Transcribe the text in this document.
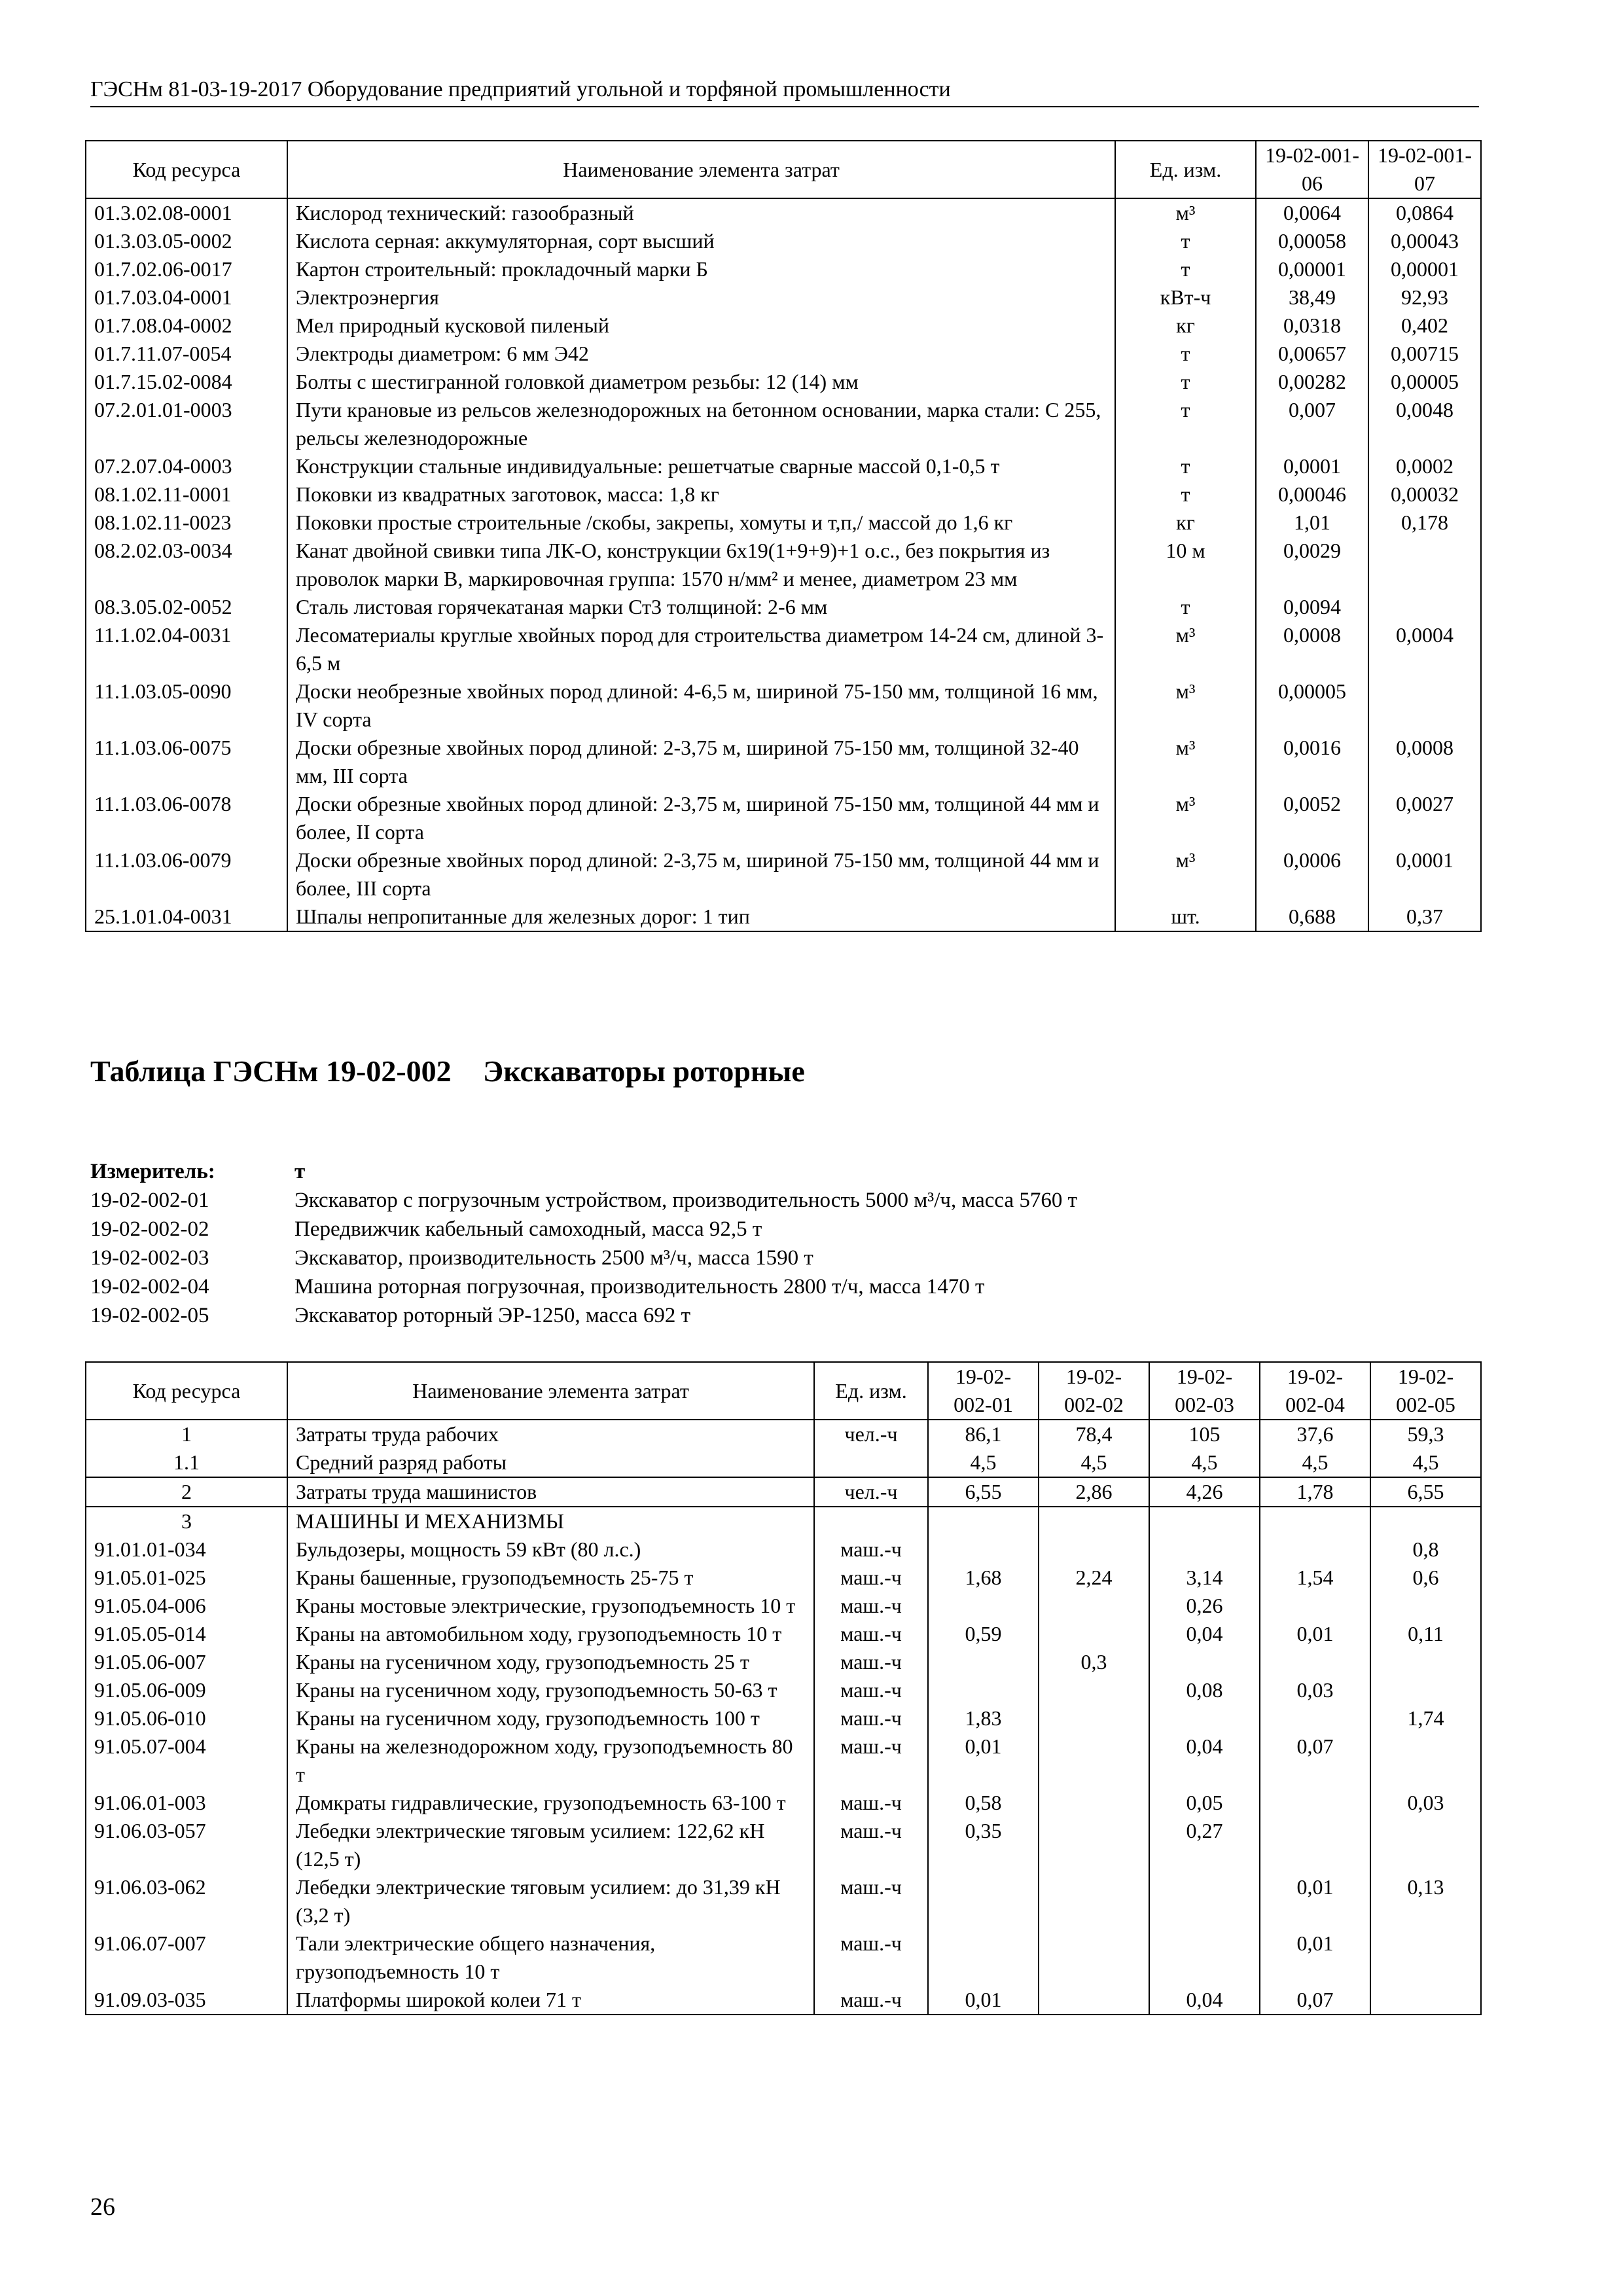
ГЭСНм 81-03-19-2017 Оборудование предприятий угольной и торфяной промышленности
Код ресурса	Наименование элемента затрат	Ед. изм.	19-02-001-06	19-02-001-07
01.3.02.08-0001	Кислород технический: газообразный	м³	0,0064	0,0864
01.3.03.05-0002	Кислота серная: аккумуляторная, сорт высший	т	0,00058	0,00043
01.7.02.06-0017	Картон строительный: прокладочный марки Б	т	0,00001	0,00001
01.7.03.04-0001	Электроэнергия	кВт-ч	38,49	92,93
01.7.08.04-0002	Мел природный кусковой пиленый	кг	0,0318	0,402
01.7.11.07-0054	Электроды диаметром: 6 мм Э42	т	0,00657	0,00715
01.7.15.02-0084	Болты с шестигранной головкой диаметром резьбы: 12 (14) мм	т	0,00282	0,00005
07.2.01.01-0003	Пути крановые из рельсов железнодорожных на бетонном основании, марка стали: С 255, рельсы железнодорожные	т	0,007	0,0048
07.2.07.04-0003	Конструкции стальные индивидуальные: решетчатые сварные массой 0,1-0,5 т	т	0,0001	0,0002
08.1.02.11-0001	Поковки из квадратных заготовок, масса: 1,8 кг	т	0,00046	0,00032
08.1.02.11-0023	Поковки простые строительные /скобы, закрепы, хомуты и т,п,/ массой до 1,6 кг	кг	1,01	0,178
08.2.02.03-0034	Канат двойной свивки типа ЛК-О, конструкции 6х19(1+9+9)+1 о.с., без покрытия из проволок марки В, маркировочная группа: 1570 н/мм² и менее, диаметром 23 мм	10 м	0,0029	
08.3.05.02-0052	Сталь листовая горячекатаная марки Ст3 толщиной: 2-6 мм	т	0,0094	
11.1.02.04-0031	Лесоматериалы круглые хвойных пород для строительства диаметром 14-24 см, длиной 3-6,5 м	м³	0,0008	0,0004
11.1.03.05-0090	Доски необрезные хвойных пород длиной: 4-6,5 м, шириной 75-150 мм, толщиной 16 мм, IV сорта	м³	0,00005	
11.1.03.06-0075	Доски обрезные хвойных пород длиной: 2-3,75 м, шириной 75-150 мм, толщиной 32-40 мм, III сорта	м³	0,0016	0,0008
11.1.03.06-0078	Доски обрезные хвойных пород длиной: 2-3,75 м, шириной 75-150 мм, толщиной 44 мм и более, II сорта	м³	0,0052	0,0027
11.1.03.06-0079	Доски обрезные хвойных пород длиной: 2-3,75 м, шириной 75-150 мм, толщиной 44 мм и более, III сорта	м³	0,0006	0,0001
25.1.01.04-0031	Шпалы непропитанные для железных дорог: 1 тип	шт.	0,688	0,37
Таблица ГЭСНм 19-02-002 Экскаваторы роторные
Измеритель:	т
19-02-002-01	Экскаватор с погрузочным устройством, производительность 5000 м³/ч, масса 5760 т
19-02-002-02	Передвижчик кабельный самоходный, масса 92,5 т
19-02-002-03	Экскаватор, производительность 2500 м³/ч, масса 1590 т
19-02-002-04	Машина роторная погрузочная, производительность 2800 т/ч, масса 1470 т
19-02-002-05	Экскаватор роторный ЭР-1250, масса 692 т
Код ресурса	Наименование элемента затрат	Ед. изм.	19-02-002-01	19-02-002-02	19-02-002-03	19-02-002-04	19-02-002-05
1	Затраты труда рабочих	чел.-ч	86,1	78,4	105	37,6	59,3
1.1	Средний разряд работы		4,5	4,5	4,5	4,5	4,5
2	Затраты труда машинистов	чел.-ч	6,55	2,86	4,26	1,78	6,55
3	МАШИНЫ И МЕХАНИЗМЫ						
91.01.01-034	Бульдозеры, мощность 59 кВт (80 л.с.)	маш.-ч					0,8
91.05.01-025	Краны башенные, грузоподъемность 25-75 т	маш.-ч	1,68	2,24	3,14	1,54	0,6
91.05.04-006	Краны мостовые электрические, грузоподъемность 10 т	маш.-ч			0,26		
91.05.05-014	Краны на автомобильном ходу, грузоподъемность 10 т	маш.-ч	0,59		0,04	0,01	0,11
91.05.06-007	Краны на гусеничном ходу, грузоподъемность 25 т	маш.-ч		0,3			
91.05.06-009	Краны на гусеничном ходу, грузоподъемность 50-63 т	маш.-ч			0,08	0,03	
91.05.06-010	Краны на гусеничном ходу, грузоподъемность 100 т	маш.-ч	1,83				1,74
91.05.07-004	Краны на железнодорожном ходу, грузоподъемность 80 т	маш.-ч	0,01		0,04	0,07	
91.06.01-003	Домкраты гидравлические, грузоподъемность 63-100 т	маш.-ч	0,58		0,05		0,03
91.06.03-057	Лебедки электрические тяговым усилием: 122,62 кН (12,5 т)	маш.-ч	0,35		0,27		
91.06.03-062	Лебедки электрические тяговым усилием: до 31,39 кН (3,2 т)	маш.-ч				0,01	0,13
91.06.07-007	Тали электрические общего назначения, грузоподъемность 10 т	маш.-ч				0,01	
91.09.03-035	Платформы широкой колеи 71 т	маш.-ч	0,01		0,04	0,07	
26
